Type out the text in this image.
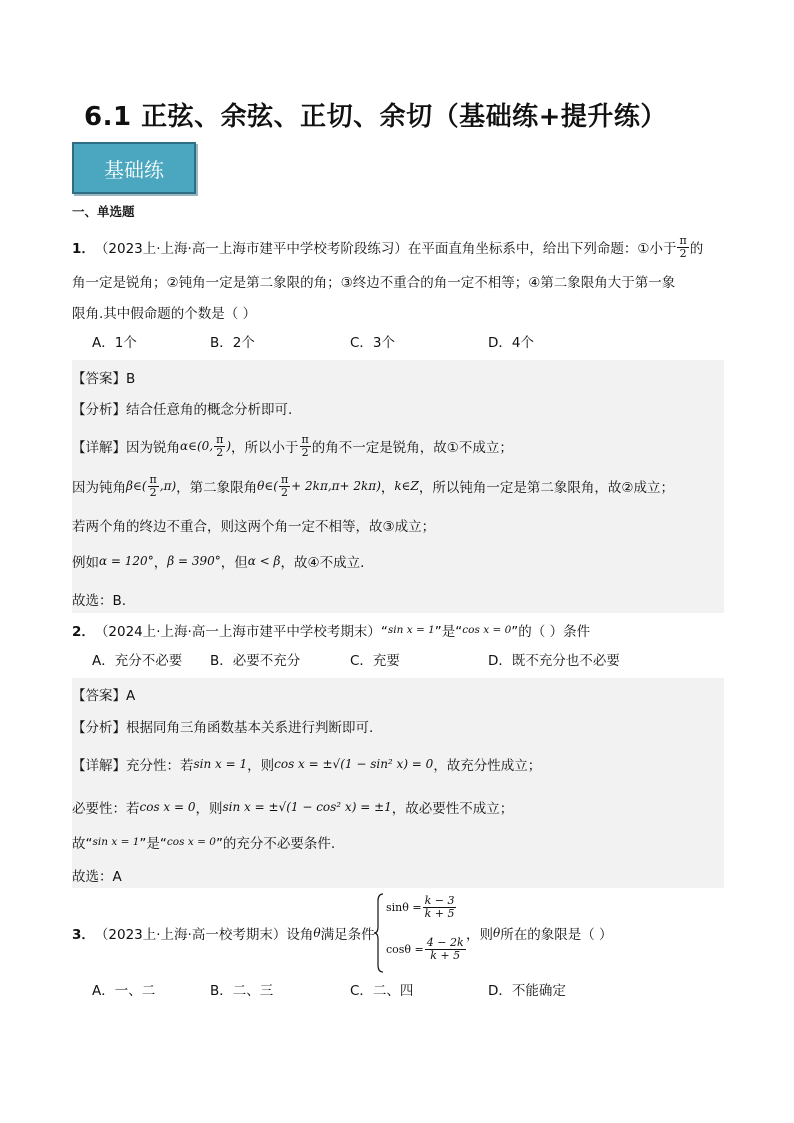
6.1 正弦、余弦、正切、余切（基础练+提升练）
基础练
一、单选题
1． （2023上·上海·高一上海市建平中学校考阶段练习）在平面直角坐标系中，给出下列命题：①小于 $\frac{\pi}{2}$ 的
角一定是锐角；②钝角一定是第二象限的角；③终边不重合的角一定不相等；④第二象限角大于第一象
限角.其中假命题的个数是（ ）
A．1个	B．2个	C．3个	D．4个
【答案】B
【分析】结合任意角的概念分析即可.
【详解】因为锐角 α∈(0, $\frac{\pi}{2}$ ) ，所以小于 $\frac{\pi}{2}$ 的角不一定是锐角，故①不成立；
因为钝角 β∈( $\frac{\pi}{2} ,\pi$) ，第二象限角 θ∈( $\frac{\pi}{2} + 2k\pi,\pi+ 2k\pi$) ， k∈Z ，所以钝角一定是第二象限角，故②成立；
若两个角的终边不重合，则这两个角一定不相等，故③成立；
例如 α = 120° ， β = 390° ，但 α < β ，故④不成立.
故选：B.
2． （2024上·上海·高一上海市建平中学校考期末）“ sin x = 1 ”是“ cos x = 0 ”的（ ）条件
A．充分不必要 B．必要不充分	C．充要	D．既不充分也不必要
【答案】A
【分析】根据同角三角函数基本关系进行判断即可.
【详解】充分性：若 sin x = 1 ，则 cos x = ±√(1 − sin² x) = 0 ，故充分性成立；
必要性：若 cos x = 0 ，则 sin x = ±√(1 − cos² x) = ±1 ，故必要性不成立；
故“ sin x = 1 ”是“ cos x = 0 ”的充分不必要条件.
故选：A
3． （2023上·上海·高一校考期末）设角 θ 满足条件
$\sin\theta = \frac{k - 3}{k + 5}$
$\cos\theta = \frac{4 - 2k}{k + 5}$
，则 θ 所在的象限是（ ）
A．一、二	B．二、三	C．二、四	D．不能确定
